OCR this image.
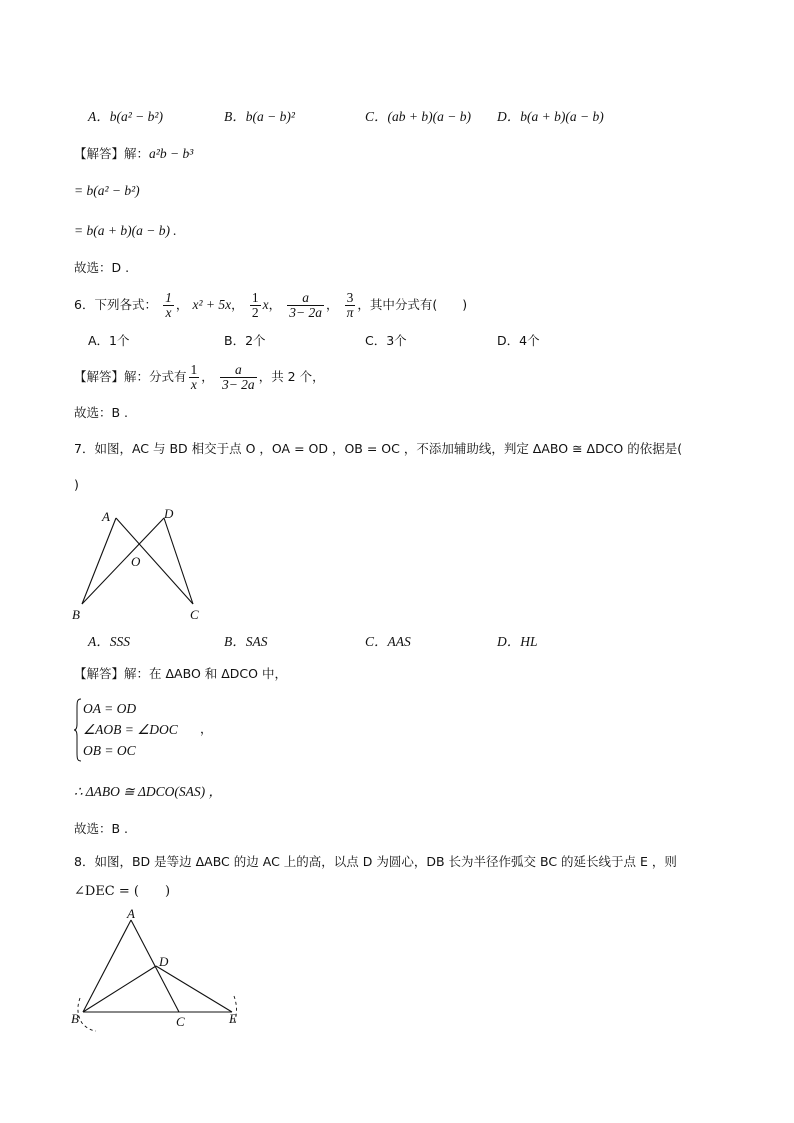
A．b(a² − b²)	B．b(a − b)²	C．(ab + b)(a − b) D．b(a + b)(a − b)
【解答】解：a²b − b³
= b(a² − b²)
= b(a + b)(a − b) .
故选：D .
6．下列各式： $\frac{1}{x}$ ， x² + 5x， $\frac{1}{2}$ x， $\frac{a}{3- 2a}$ ， $\frac{3}{\pi}$ ，其中分式有(　　)
A．1个	B．2个	C．3个	D．4个
【解答】解：分式有 $\frac{1}{x}$ ， $\frac{a}{3- 2a}$ ，共 2 个，
故选：B .
7．如图，AC 与 BD 相交于点 O ，OA = OD ，OB = OC ，不添加辅助线，判定 ΔABO ≅ ΔDCO 的依据是(
)
A	D
O
B	C
A．SSS	B．SAS	C．AAS	D．HL
【解答】解：在 ΔABO 和 ΔDCO 中，
OA = OD
∠AOB = ∠DOC
OB = OC
，
∴ ΔABO ≅ ΔDCO(SAS) ，
故选：B .
8．如图，BD 是等边 ΔABC 的边 AC 上的高，以点 D 为圆心，DB 长为半径作弧交 BC 的延长线于点 E ，则
∠DEC = (　　)
A
D
B	C	E
